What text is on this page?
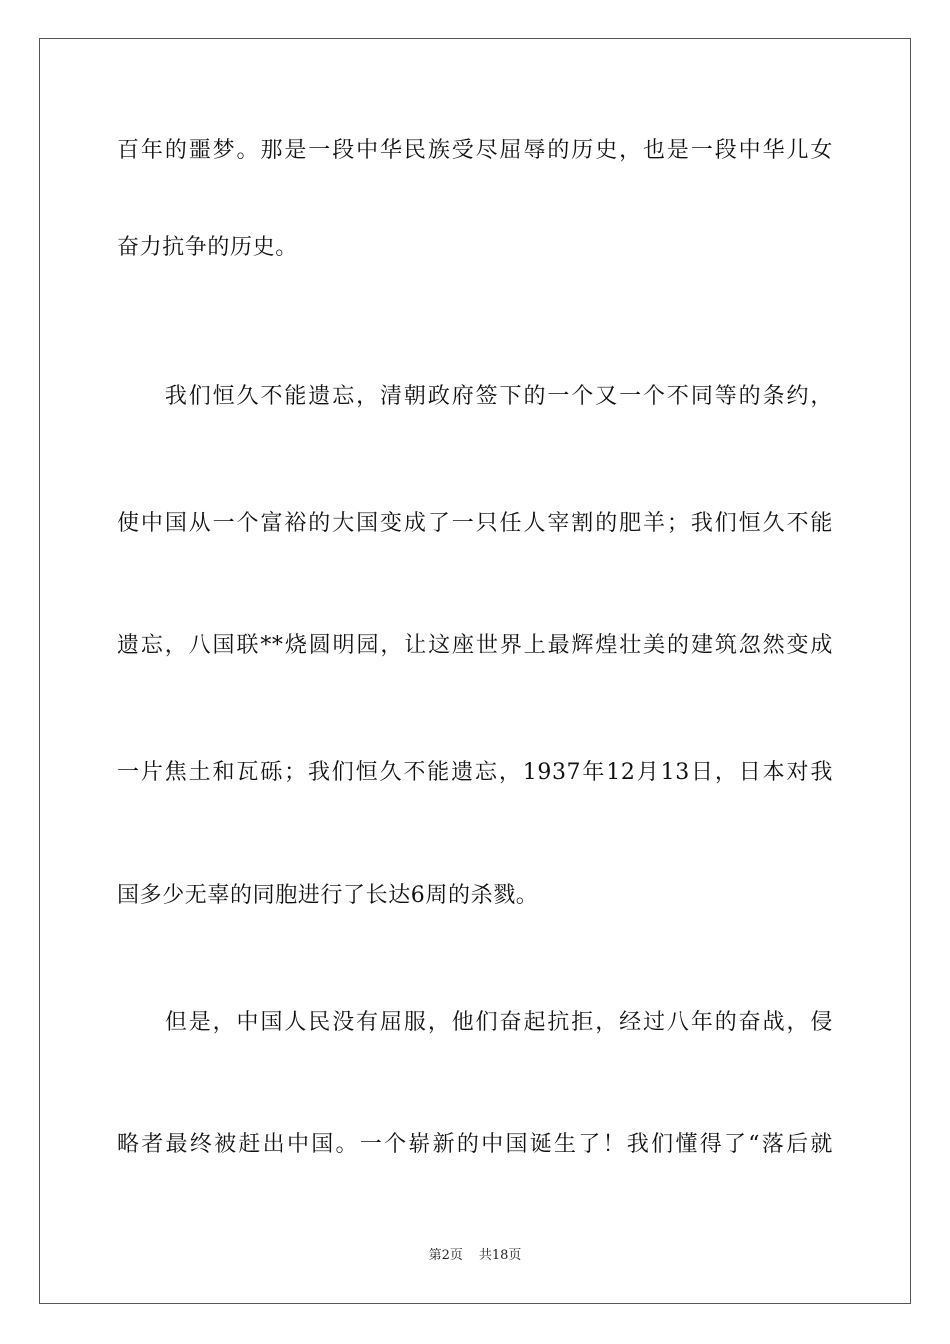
百年的噩梦。那是一段中华民族受尽屈辱的历史，也是一段中华儿女
奋力抗争的历史。
　　我们恒久不能遗忘，清朝政府签下的一个又一个不同等的条约，
使中国从一个富裕的大国变成了一只任人宰割的肥羊；我们恒久不能
遗忘，八国联**烧圆明园，让这座世界上最辉煌壮美的建筑忽然变成
一片焦土和瓦砾；我们恒久不能遗忘，1937年12月13日，日本对我
国多少无辜的同胞进行了长达6周的杀戮。
　　但是，中国人民没有屈服，他们奋起抗拒，经过八年的奋战，侵
略者最终被赶出中国。一个崭新的中国诞生了！我们懂得了“落后就
第2页 共18页
